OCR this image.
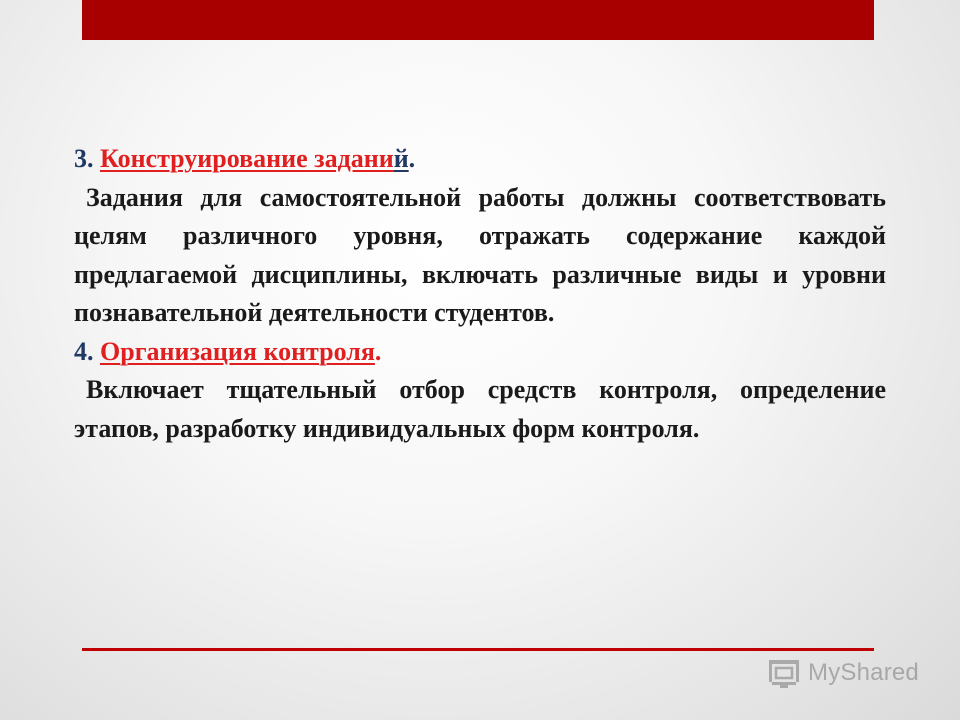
3. Конструирование заданий.

Задания для самостоятельной работы должны соответствовать целям различного уровня, отражать содержание каждой предлагаемой дисциплины, включать различные виды и уровни познавательной деятельности студентов.

4. Организация контроля.

Включает тщательный отбор средств контроля, определение этапов, разработку индивидуальных форм контроля.

MyShared
